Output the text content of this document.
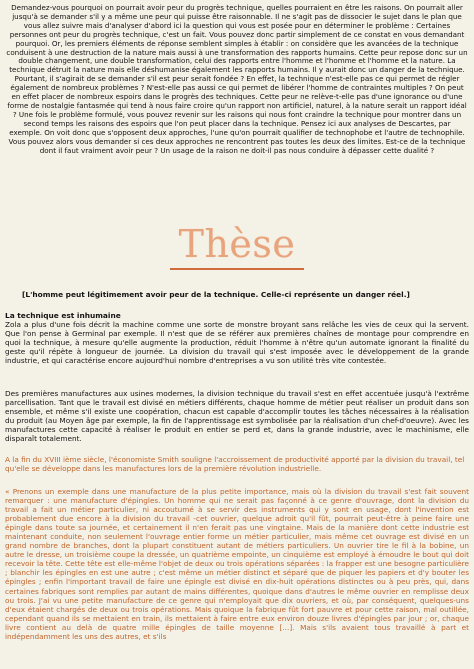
Demandez-vous pourquoi on pourrait avoir peur du progrès technique, quelles pourraient en être les raisons. On pourrait aller jusqu'à se demander s'il y a même une peur qui puisse être raisonnable. Il ne s'agit pas de dissocier le sujet dans le plan que vous allez suivre mais d'analyser d'abord ici la question qui vous est posée pour en déterminer le problème : Certaines personnes ont peur du progrès technique, c'est un fait. Vous pouvez donc partir simplement de ce constat en vous demandant pourquoi. Or, les premiers éléments de réponse semblent simples à établir : on considère que les avancées de la technique conduisent à une destruction de la nature mais aussi à une transformation des rapports humains. Cette peur repose donc sur un double changement, une double transformation, celui des rapports entre l'homme et l'homme et l'homme et la nature. La technique détruit la nature mais elle déshumanise également les rapports humains. Il y aurait donc un danger de la technique. Pourtant, il s'agirait de se demander s'il est peur serait fondée ? En effet, la technique n'est-elle pas ce qui permet de régler également de nombreux problèmes ? N'est-elle pas aussi ce qui permet de libérer l'homme de contraintes multiples ? On peut en effet placer de nombreux espoirs dans le progrès des techniques. Cette peur ne relève-t-elle pas d'une ignorance ou d'une forme de nostalgie fantasmée qui tend à nous faire croire qu'un rapport non artificiel, naturel, à la nature serait un rapport idéal ? Une fois le problème formulé, vous pouvez revenir sur les raisons qui nous font craindre la technique pour montrer dans un second temps les raisons des espoirs que l'on peut placer dans la technique. Pensez ici aux analyses de Descartes, par exemple. On voit donc que s'opposent deux approches, l'une qu'on pourrait qualifier de technophobe et l'autre de technophile. Vous pouvez alors vous demander si ces deux approches ne rencontrent pas toutes les deux des limites. Est-ce de la technique dont il faut vraiment avoir peur ? Un usage de la raison ne doit-il pas nous conduire à dépasser cette dualité ?

Thèse

[L'homme peut légitimement avoir peur de la technique. Celle-ci représente un danger réel.]

La technique est inhumaine

Zola a plus d'une fois décrit la machine comme une sorte de monstre broyant sans relâche les vies de ceux qui la servent. Que l'on pense à Germinal par exemple. Il n'est que de se référer aux premières chaînes de montage pour comprendre en quoi la technique, à mesure qu'elle augmente la production, réduit l'homme à n'être qu'un automate ignorant la finalité du geste qu'il répète à longueur de journée. La division du travail qui s'est imposée avec le développement de la grande industrie, et qui caractérise encore aujourd'hui nombre d'entreprises a vu son utilité très vite contestée.

Des premières manufactures aux usines modernes, la division technique du travail s'est en effet accentuée jusqu'à l'extrême parcellisation. Tant que le travail est divisé en métiers différents, chaque homme de métier peut réaliser un produit dans son ensemble, et même s'il existe une coopération, chacun est capable d'accomplir toutes les tâches nécessaires à la réalisation du produit (au Moyen âge par exemple, la fin de l'apprentissage est symbolisée par la réalisation d'un chef-d'oeuvre). Avec les manufactures cette capacité à réaliser le produit en entier se perd et, dans la grande industrie, avec le machinisme, elle disparaît totalement.

A la fin du XVIII ième siècle, l'économiste Smith souligne l'accroissement de productivité apporté par la division du travail, tel qu'elle se développe dans les manufactures lors de la première révolution industrielle.

« Prenons un exemple dans une manufacture de la plus petite importance, mais où la division du travail s'est fait souvent remarquer : une manufacture d'épingles. Un homme qui ne serait pas façonné à ce genre d'ouvrage, dont la division du travail a fait un métier particulier, ni accoutumé à se servir des instruments qui y sont en usage, dont l'invention est probablement due encore à la division du travail -cet ouvrier, quelque adroit qu'il fût, pourrait peut-être à peine faire une épingle dans toute sa journée, et certainement il n'en ferait pas une vingtaine. Mais de la manière dont cette industrie est maintenant conduite, non seulement l'ouvrage entier forme un métier particulier, mais même cet ouvrage est divisé en un grand nombre de branches, dont la plupart constituent autant de métiers particuliers. Un ouvrier tire le fil à la bobine, un autre le dresse, un troisième coupe la dressée, un quatrième empointe, un cinquième est employé à émoudre le bout qui doit recevoir la tête. Cette tête est elle-même l'objet de deux ou trois opérations séparées : la frapper est une besogne particulière ; blanchir les épingles en est une autre ; c'est même un métier distinct et séparé que de piquer les papiers et d'y bouter les épingles ; enfin l'important travail de faire une épingle est divisé en dix-huit opérations distinctes ou à peu près, qui, dans certaines fabriques sont remplies par autant de mains différentes, quoique dans d'autres le même ouvrier en remplisse deux ou trois. J'ai vu une petite manufacture de ce genre qui n'employait que dix ouvriers, et où, par conséquent, quelques-uns d'eux étaient chargés de deux ou trois opérations. Mais quoique la fabrique fût fort pauvre et pour cette raison, mal outillée, cependant quand ils se mettaient en train, ils mettaient à faire entre eux environ douze livres d'épingles par jour ; or, chaque livre contient au delà de quatre mille épingles de taille moyenne [...]. Mais s'ils avaient tous travaillé à part et indépendamment les uns des autres, et s'ils
